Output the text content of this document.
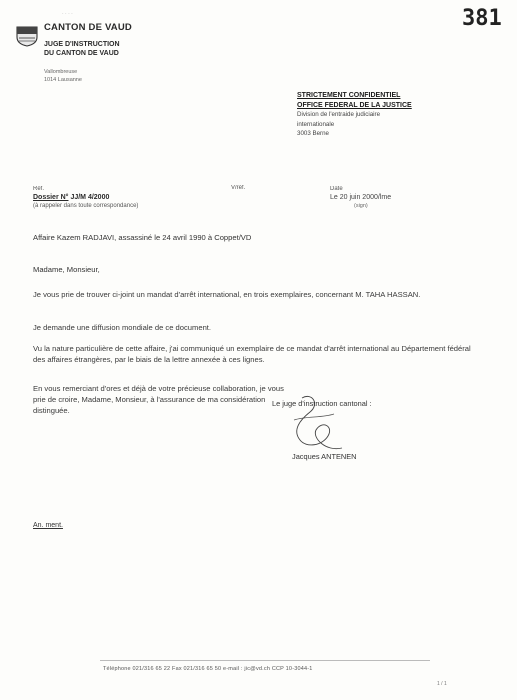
· · · ·
CANTON DE VAUD
JUGE D'INSTRUCTION
DU CANTON DE VAUD
Vallombreuse
1014 Lausanne
381
STRICTEMENT CONFIDENTIEL
OFFICE FEDERAL DE LA JUSTICE
Division de l'entraide judiciaire
internationale
3003 Berne
Réf.
Dossier N° JJ/M 4/2000
(à rappeler dans toute correspondance)
V/réf.	Date
Le 20 juin 2000/lme
(sign)
Affaire Kazem RADJAVI, assassiné le 24 avril 1990 à Coppet/VD
Madame, Monsieur,
Je vous prie de trouver ci-joint un mandat d'arrêt international, en trois exemplaires, concernant M. TAHA HASSAN.
Je demande une diffusion mondiale de ce document.
Vu la nature particulière de cette affaire, j'ai communiqué un exemplaire de ce mandat d'arrêt international au Département fédéral des affaires étrangères, par le biais de la lettre annexée à ces lignes.
En vous remerciant d'ores et déjà de votre précieuse collaboration, je vous prie de croire, Madame, Monsieur, à l'assurance de ma considération distinguée.
Le juge d'instruction cantonal :
Jacques ANTENEN
An. ment.
Téléphone 021/316 65 22 Fax 021/316 65 50 e-mail : jic@vd.ch CCP 10-3044-1
1 / 1
